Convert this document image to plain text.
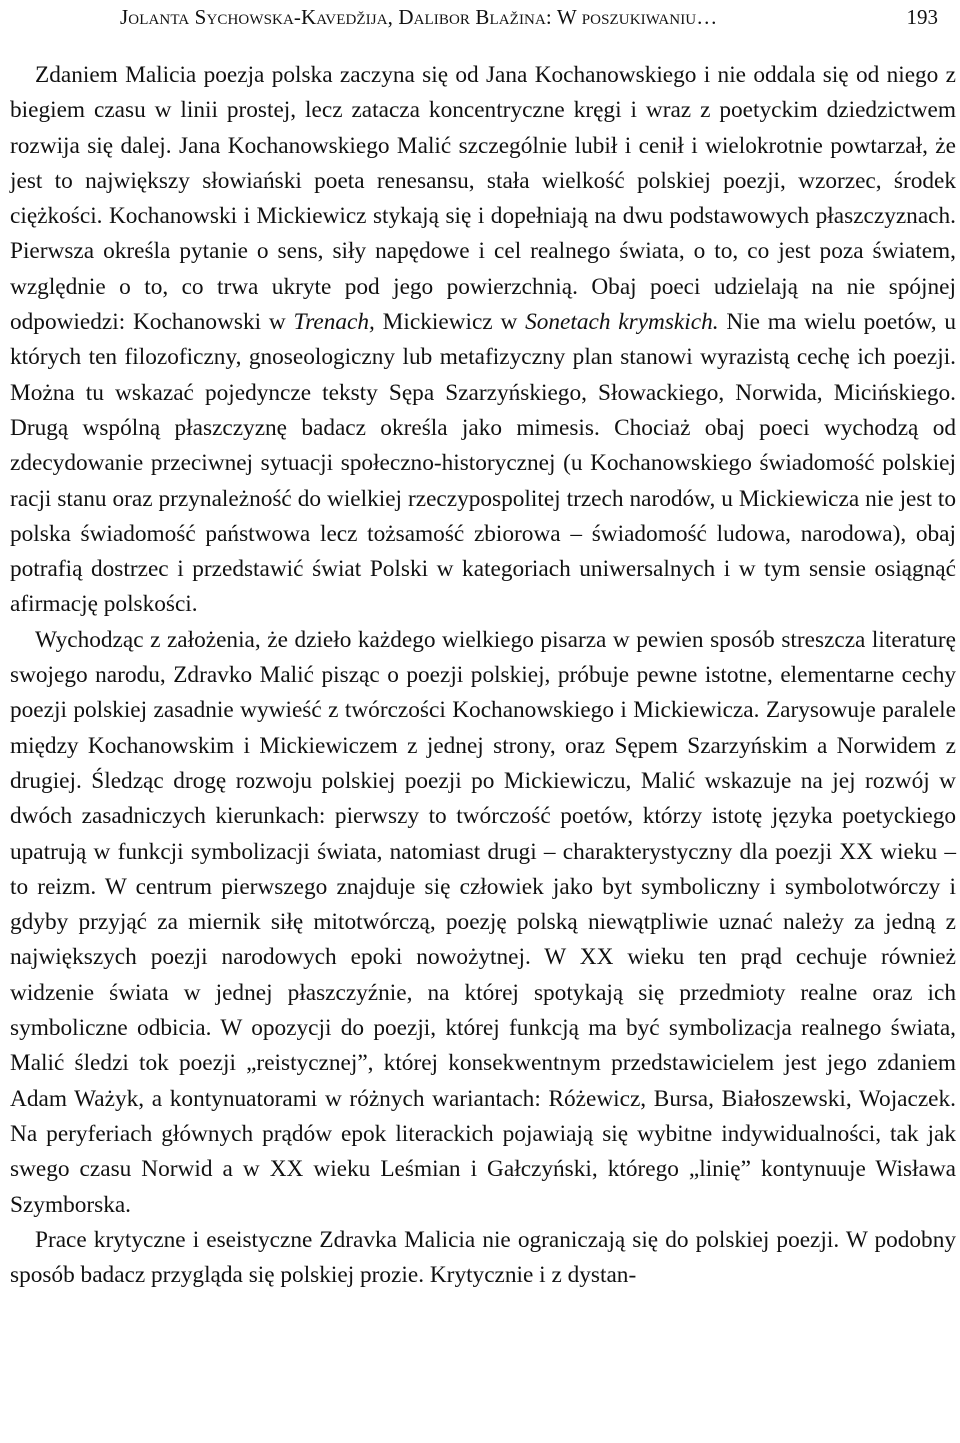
Jolanta Sychowska-Kavedžija, Dalibor Blažina: W poszukiwaniu…	193

Zdaniem Malicia poezja polska zaczyna się od Jana Kochanowskiego i nie oddala się od niego z biegiem czasu w linii prostej, lecz zatacza koncentryczne kręgi i wraz z poetyckim dziedzictwem rozwija się dalej. Jana Kochanowskiego Malić szczególnie lubił i cenił i wielokrotnie powtarzał, że jest to największy słowiański poeta renesansu, stała wielkość polskiej poezji, wzorzec, środek ciężkości. Kochanowski i Mickiewicz stykają się i dopełniają na dwu podstawowych płaszczyznach. Pierwsza określa pytanie o sens, siły napędowe i cel realnego świata, o to, co jest poza światem, względnie o to, co trwa ukryte pod jego powierzchnią. Obaj poeci udzielają na nie spójnej odpowiedzi: Kochanowski w Trenach, Mickiewicz w Sonetach krymskich. Nie ma wielu poetów, u których ten filozoficzny, gnoseologiczny lub metafizyczny plan stanowi wyrazistą cechę ich poezji. Można tu wskazać pojedyncze teksty Sępa Szarzyńskiego, Słowackiego, Norwida, Micińskiego. Drugą wspólną płaszczyznę badacz określa jako mimesis. Chociaż obaj poeci wychodzą od zdecydowanie przeciwnej sytuacji społeczno-historycznej (u Kochanowskiego świadomość polskiej racji stanu oraz przynależność do wielkiej rzeczypospolitej trzech narodów, u Mickiewicza nie jest to polska świadomość państwowa lecz tożsamość zbiorowa – świadomość ludowa, narodowa), obaj potrafią dostrzec i przedstawić świat Polski w kategoriach uniwersalnych i w tym sensie osiągnąć afirmację polskości.

Wychodząc z założenia, że dzieło każdego wielkiego pisarza w pewien sposób streszcza literaturę swojego narodu, Zdravko Malić pisząc o poezji polskiej, próbuje pewne istotne, elementarne cechy poezji polskiej zasadnie wywieść z twórczości Kochanowskiego i Mickiewicza. Zarysowuje paralele między Kochanowskim i Mickiewiczem z jednej strony, oraz Sępem Szarzyńskim a Norwidem z drugiej. Śledząc drogę rozwoju polskiej poezji po Mickiewiczu, Malić wskazuje na jej rozwój w dwóch zasadniczych kierunkach: pierwszy to twórczość poetów, którzy istotę języka poetyckiego upatrują w funkcji symbolizacji świata, natomiast drugi – charakterystyczny dla poezji XX wieku – to reizm. W centrum pierwszego znajduje się człowiek jako byt symboliczny i symbolotwórczy i gdyby przyjąć za miernik siłę mitotwórczą, poezję polską niewątpliwie uznać należy za jedną z największych poezji narodowych epoki nowożytnej. W XX wieku ten prąd cechuje również widzenie świata w jednej płaszczyźnie, na której spotykają się przedmioty realne oraz ich symboliczne odbicia. W opozycji do poezji, której funkcją ma być symbolizacja realnego świata, Malić śledzi tok poezji „reistycznej”, której konsekwentnym przedstawicielem jest jego zdaniem Adam Ważyk, a kontynuatorami w różnych wariantach: Różewicz, Bursa, Białoszewski, Wojaczek. Na peryferiach głównych prądów epok literackich pojawiają się wybitne indywidualności, tak jak swego czasu Norwid a w XX wieku Leśmian i Gałczyński, którego „linię” kontynuuje Wisława Szymborska.

Prace krytyczne i eseistyczne Zdravka Malicia nie ograniczają się do polskiej poezji. W podobny sposób badacz przygląda się polskiej prozie. Krytycznie i z dystan-
